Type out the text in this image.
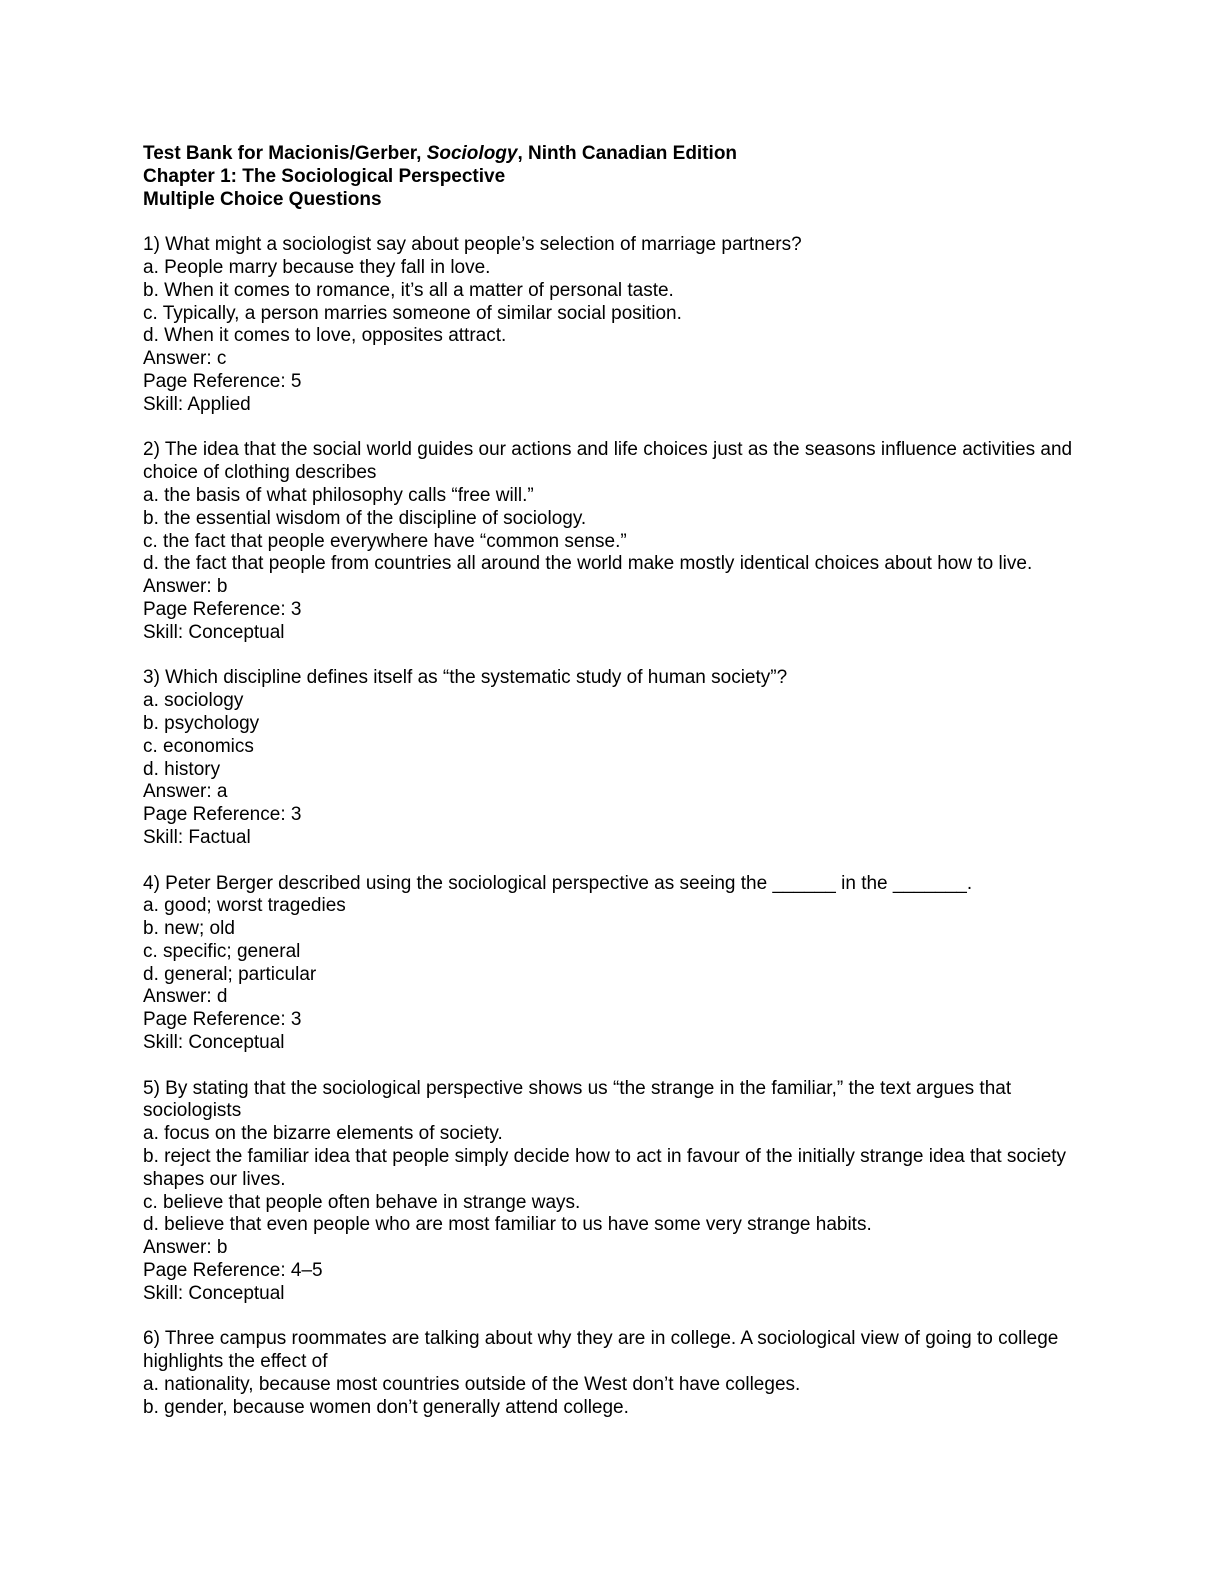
Test Bank for Macionis/Gerber, Sociology, Ninth Canadian Edition
Chapter 1: The Sociological Perspective
Multiple Choice Questions
1) What might a sociologist say about people’s selection of marriage partners?
a. People marry because they fall in love.
b. When it comes to romance, it’s all a matter of personal taste.
c. Typically, a person marries someone of similar social position.
d. When it comes to love, opposites attract.
Answer: c
Page Reference: 5
Skill: Applied
2) The idea that the social world guides our actions and life choices just as the seasons influence activities and choice of clothing describes
a. the basis of what philosophy calls “free will.”
b. the essential wisdom of the discipline of sociology.
c. the fact that people everywhere have “common sense.”
d. the fact that people from countries all around the world make mostly identical choices about how to live.
Answer: b
Page Reference: 3
Skill: Conceptual
3) Which discipline defines itself as “the systematic study of human society”?
a. sociology
b. psychology
c. economics
d. history
Answer: a
Page Reference: 3
Skill: Factual
4) Peter Berger described using the sociological perspective as seeing the ______ in the _______.
a. good; worst tragedies
b. new; old
c. specific; general
d. general; particular
Answer: d
Page Reference: 3
Skill: Conceptual
5) By stating that the sociological perspective shows us “the strange in the familiar,” the text argues that sociologists
a. focus on the bizarre elements of society.
b. reject the familiar idea that people simply decide how to act in favour of the initially strange idea that society shapes our lives.
c. believe that people often behave in strange ways.
d. believe that even people who are most familiar to us have some very strange habits.
Answer: b
Page Reference: 4–5
Skill: Conceptual
6) Three campus roommates are talking about why they are in college. A sociological view of going to college highlights the effect of
a. nationality, because most countries outside of the West don’t have colleges.
b. gender, because women don’t generally attend college.
